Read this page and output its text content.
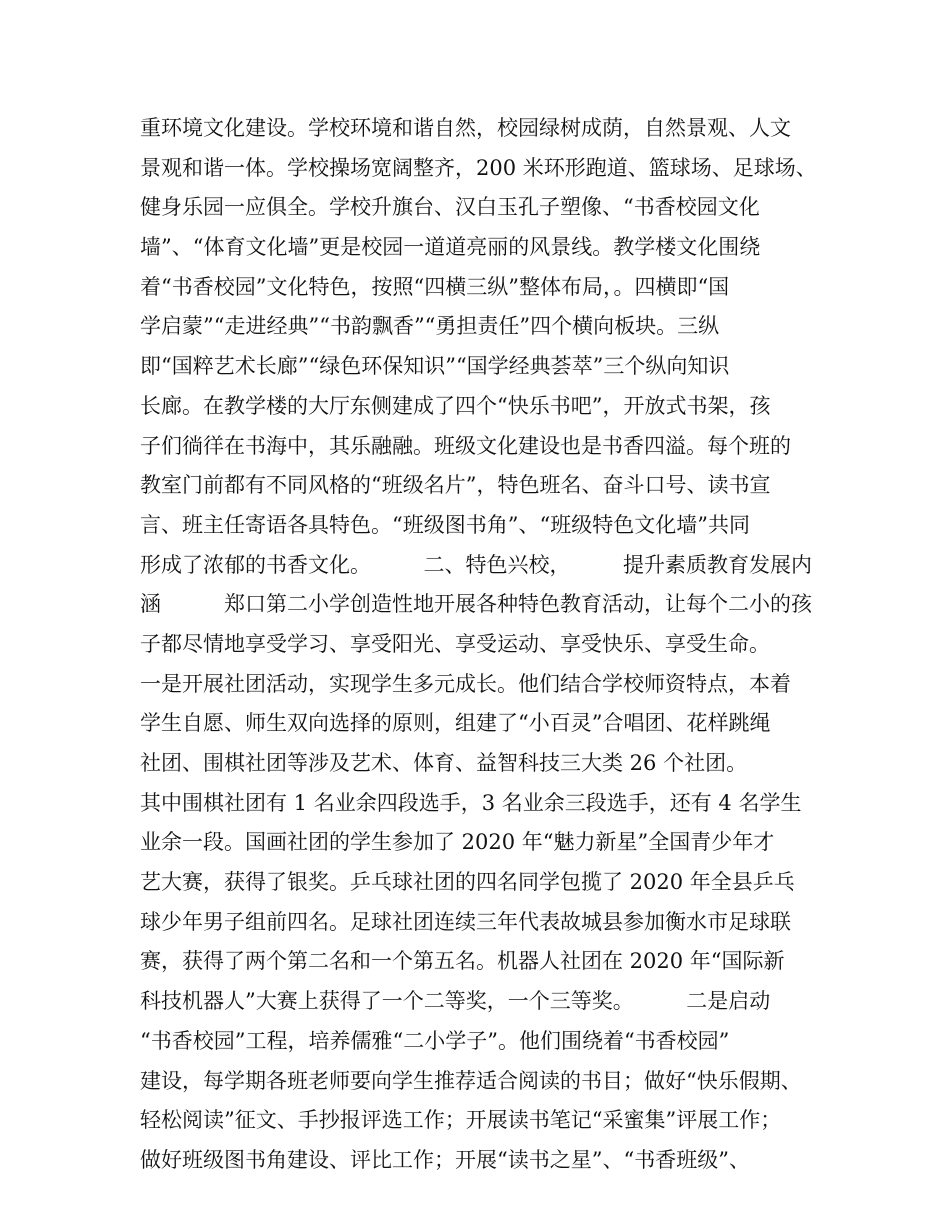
重环境文化建设。学校环境和谐自然，校园绿树成荫，自然景观、人文
景观和谐一体。学校操场宽阔整齐，200 米环形跑道、篮球场、足球场、
健身乐园一应俱全。学校升旗台、汉白玉孔子塑像、“书香校园文化
墙”、“体育文化墙”更是校园一道道亮丽的风景线。教学楼文化围绕
着“书香校园”文化特色，按照“四横三纵”整体布局，。四横即“国
学启蒙”“走进经典”“书韵飘香”“勇担责任”四个横向板块。三纵
即“国粹艺术长廊”“绿色环保知识”“国学经典荟萃”三个纵向知识
长廊。在教学楼的大厅东侧建成了四个“快乐书吧”，开放式书架，孩
子们徜徉在书海中，其乐融融。班级文化建设也是书香四溢。每个班的
教室门前都有不同风格的“班级名片”，特色班名、奋斗口号、读书宣
言、班主任寄语各具特色。“班级图书角”、“班级特色文化墙”共同
形成了浓郁的书香文化。　　　二、特色兴校，　　　提升素质教育发展内
涵　　　郑口第二小学创造性地开展各种特色教育活动，让每个二小的孩
子都尽情地享受学习、享受阳光、享受运动、享受快乐、享受生命。
一是开展社团活动，实现学生多元成长。他们结合学校师资特点，本着
学生自愿、师生双向选择的原则，组建了“小百灵”合唱团、花样跳绳
社团、围棋社团等涉及艺术、体育、益智科技三大类 26 个社团。
其中围棋社团有 1 名业余四段选手，3 名业余三段选手，还有 4 名学生
业余一段。国画社团的学生参加了 2020 年“魅力新星”全国青少年才
艺大赛，获得了银奖。乒乓球社团的四名同学包揽了 2020 年全县乒乓
球少年男子组前四名。足球社团连续三年代表故城县参加衡水市足球联
赛，获得了两个第二名和一个第五名。机器人社团在 2020 年“国际新
科技机器人”大赛上获得了一个二等奖，一个三等奖。　　　二是启动
“书香校园”工程，培养儒雅“二小学子”。他们围绕着“书香校园”
建设，每学期各班老师要向学生推荐适合阅读的书目；做好“快乐假期、
轻松阅读”征文、手抄报评选工作；开展读书笔记“采蜜集”评展工作；
做好班级图书角建设、评比工作；开展“读书之星”、“书香班级”、
